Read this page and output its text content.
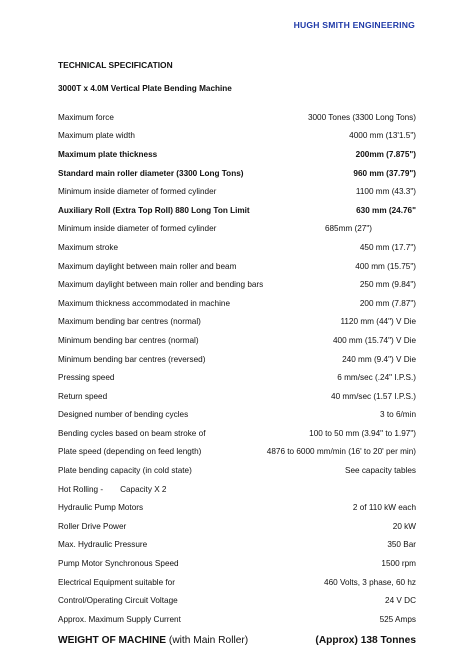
HUGH SMITH ENGINEERING
TECHNICAL SPECIFICATION
3000T x 4.0M Vertical Plate Bending Machine
Maximum force	3000 Tones (3300 Long Tons)
Maximum plate width	4000 mm (13'1.5")
Maximum plate thickness	200mm (7.875")
Standard main roller diameter (3300 Long Tons)	960 mm (37.79")
Minimum inside diameter of formed cylinder	1100 mm (43.3")
Auxiliary Roll (Extra Top Roll) 880 Long Ton Limit	630 mm (24.76"
Minimum inside diameter of formed cylinder	685mm (27")
Maximum stroke	450 mm (17.7")
Maximum daylight between main roller and beam	400 mm (15.75")
Maximum daylight between main roller and bending bars	250 mm (9.84")
Maximum thickness accommodated in machine	200 mm (7.87")
Maximum bending bar centres (normal)	1120 mm (44") V Die
Minimum bending bar centres (normal)	400 mm (15.74") V Die
Minimum bending bar centres (reversed)	240 mm (9.4") V Die
Pressing speed	6 mm/sec (.24" I.P.S.)
Return speed	40 mm/sec (1.57 I.P.S.)
Designed number of bending cycles	3 to 6/min
Bending cycles based on beam stroke of	100 to 50 mm (3.94" to 1.97")
Plate speed (depending on feed length)	4876 to 6000 mm/min (16' to 20' per min)
Plate bending capacity (in cold state)	See capacity tables
Hot Rolling - Capacity X 2
Hydraulic Pump Motors	2 of 110 kW each
Roller Drive Power	20 kW
Max. Hydraulic Pressure	350 Bar
Pump Motor Synchronous Speed	1500 rpm
Electrical Equipment suitable for	460 Volts, 3 phase, 60 hz
Control/Operating Circuit Voltage	24 V DC
Approx. Maximum Supply Current	525 Amps
WEIGHT OF MACHINE (with Main Roller)	(Approx) 138 Tonnes
